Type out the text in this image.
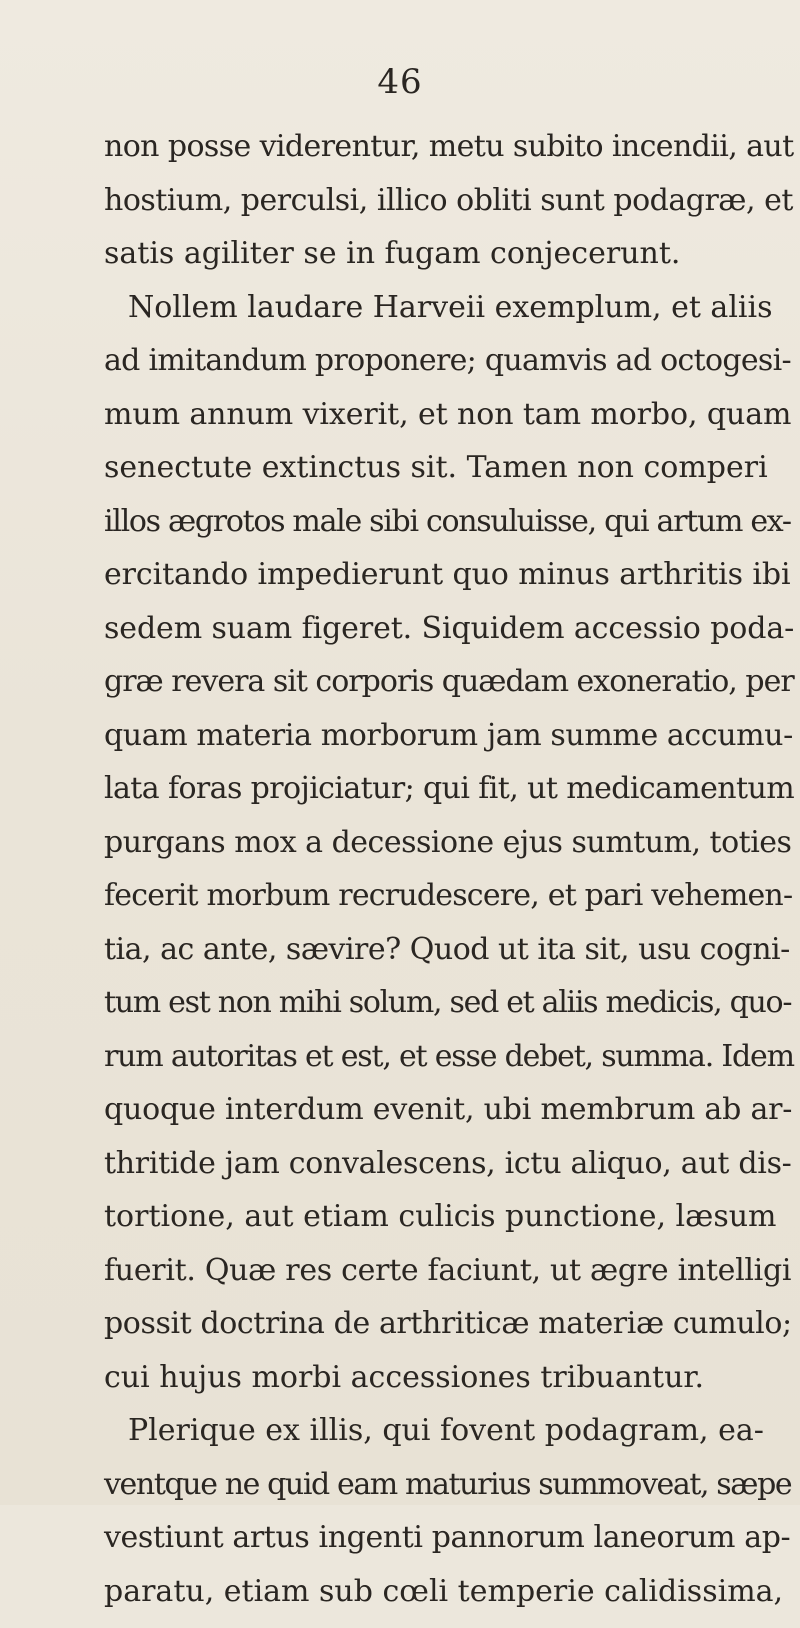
46
non posse viderentur, metu subito incendii, aut
hostium, perculsi, illico obliti sunt podagræ, et
satis agiliter se in fugam conjecerunt.
Nollem laudare Harveii exemplum, et aliis
ad imitandum proponere; quamvis ad octogesi-
mum annum vixerit, et non tam morbo, quam
senectute extinctus sit. Tamen non comperi
illos ægrotos male sibi consuluisse, qui artum ex-
ercitando impedierunt quo minus arthritis ibi
sedem suam figeret. Siquidem accessio podа-
græ revera sit corporis quædam exoneratio, per
quam materia morborum jam summe accumu-
lata foras projiciatur; qui fit, ut medicamentum
purgans mox a decessione ejus sumtum, toties
fecerit morbum recrudescere, et pari vehemen-
tia, ac ante, sævire? Quod ut ita sit, usu cogni-
tum est non mihi solum, sed et aliis medicis, quo-
rum autoritas et est, et esse debet, summa. Idem
quoque interdum evenit, ubi membrum ab ar-
thritide jam convalescens, ictu aliquo, aut dis-
tortione, aut etiam culicis punctione, læsum
fuerit. Quæ res certe faciunt, ut ægre intelligi
possit doctrina de arthriticæ materiæ cumulo;
cui hujus morbi accessiones tribuantur.
Plerique ex illis, qui fovent podagram, ea-
ventque ne quid eam maturius summoveat, sæpe
vestiunt artus ingenti pannorum laneorum ap-
paratu, etiam sub cœli temperie calidissima,
